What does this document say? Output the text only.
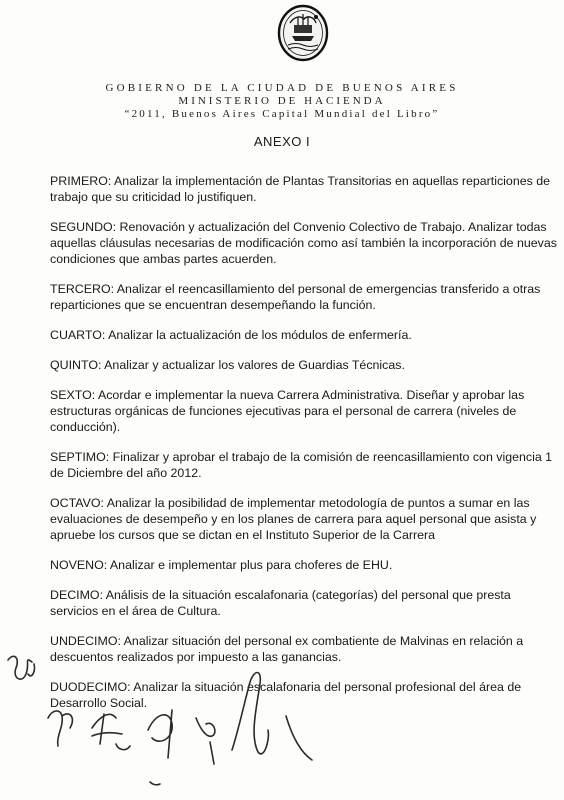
GOBIERNO DE LA CIUDAD DE BUENOS AIRES
MINISTERIO DE HACIENDA
“2011, Buenos Aires Capital Mundial del Libro”
ANEXO I

PRIMERO: Analizar la implementación de Plantas Transitorias en aquellas reparticiones de trabajo que su criticidad lo justifiquen.

SEGUNDO: Renovación y actualización del Convenio Colectivo de Trabajo. Analizar todas aquellas cláusulas necesarias de modificación como así también la incorporación de nuevas condiciones que ambas partes acuerden.

TERCERO: Analizar el reencasillamiento del personal de emergencias transferido a otras reparticiones que se encuentran desempeñando la función.

CUARTO: Analizar la actualización de los módulos de enfermería.

QUINTO: Analizar y actualizar los valores de Guardias Técnicas.

SEXTO: Acordar e implementar la nueva Carrera Administrativa. Diseñar y aprobar las estructuras orgánicas de funciones ejecutivas para el personal de carrera (niveles de conducción).

SEPTIMO: Finalizar y aprobar el trabajo de la comisión de reencasillamiento con vigencia 1 de Diciembre del año 2012.

OCTAVO: Analizar la posibilidad de implementar metodología de puntos a sumar en las evaluaciones de desempeño y en los planes de carrera para aquel personal que asista y apruebe los cursos que se dictan en el Instituto Superior de la Carrera

NOVENO: Analizar e implementar plus para choferes de EHU.

DECIMO: Análisis de la situación escalafonaria (categorías) del personal que presta servicios en el área de Cultura.

UNDECIMO: Analizar situación del personal ex combatiente de Malvinas en relación a descuentos realizados por impuesto a las ganancias.

DUODECIMO: Analizar la situación escalafonaria del personal profesional del área de Desarrollo Social.
